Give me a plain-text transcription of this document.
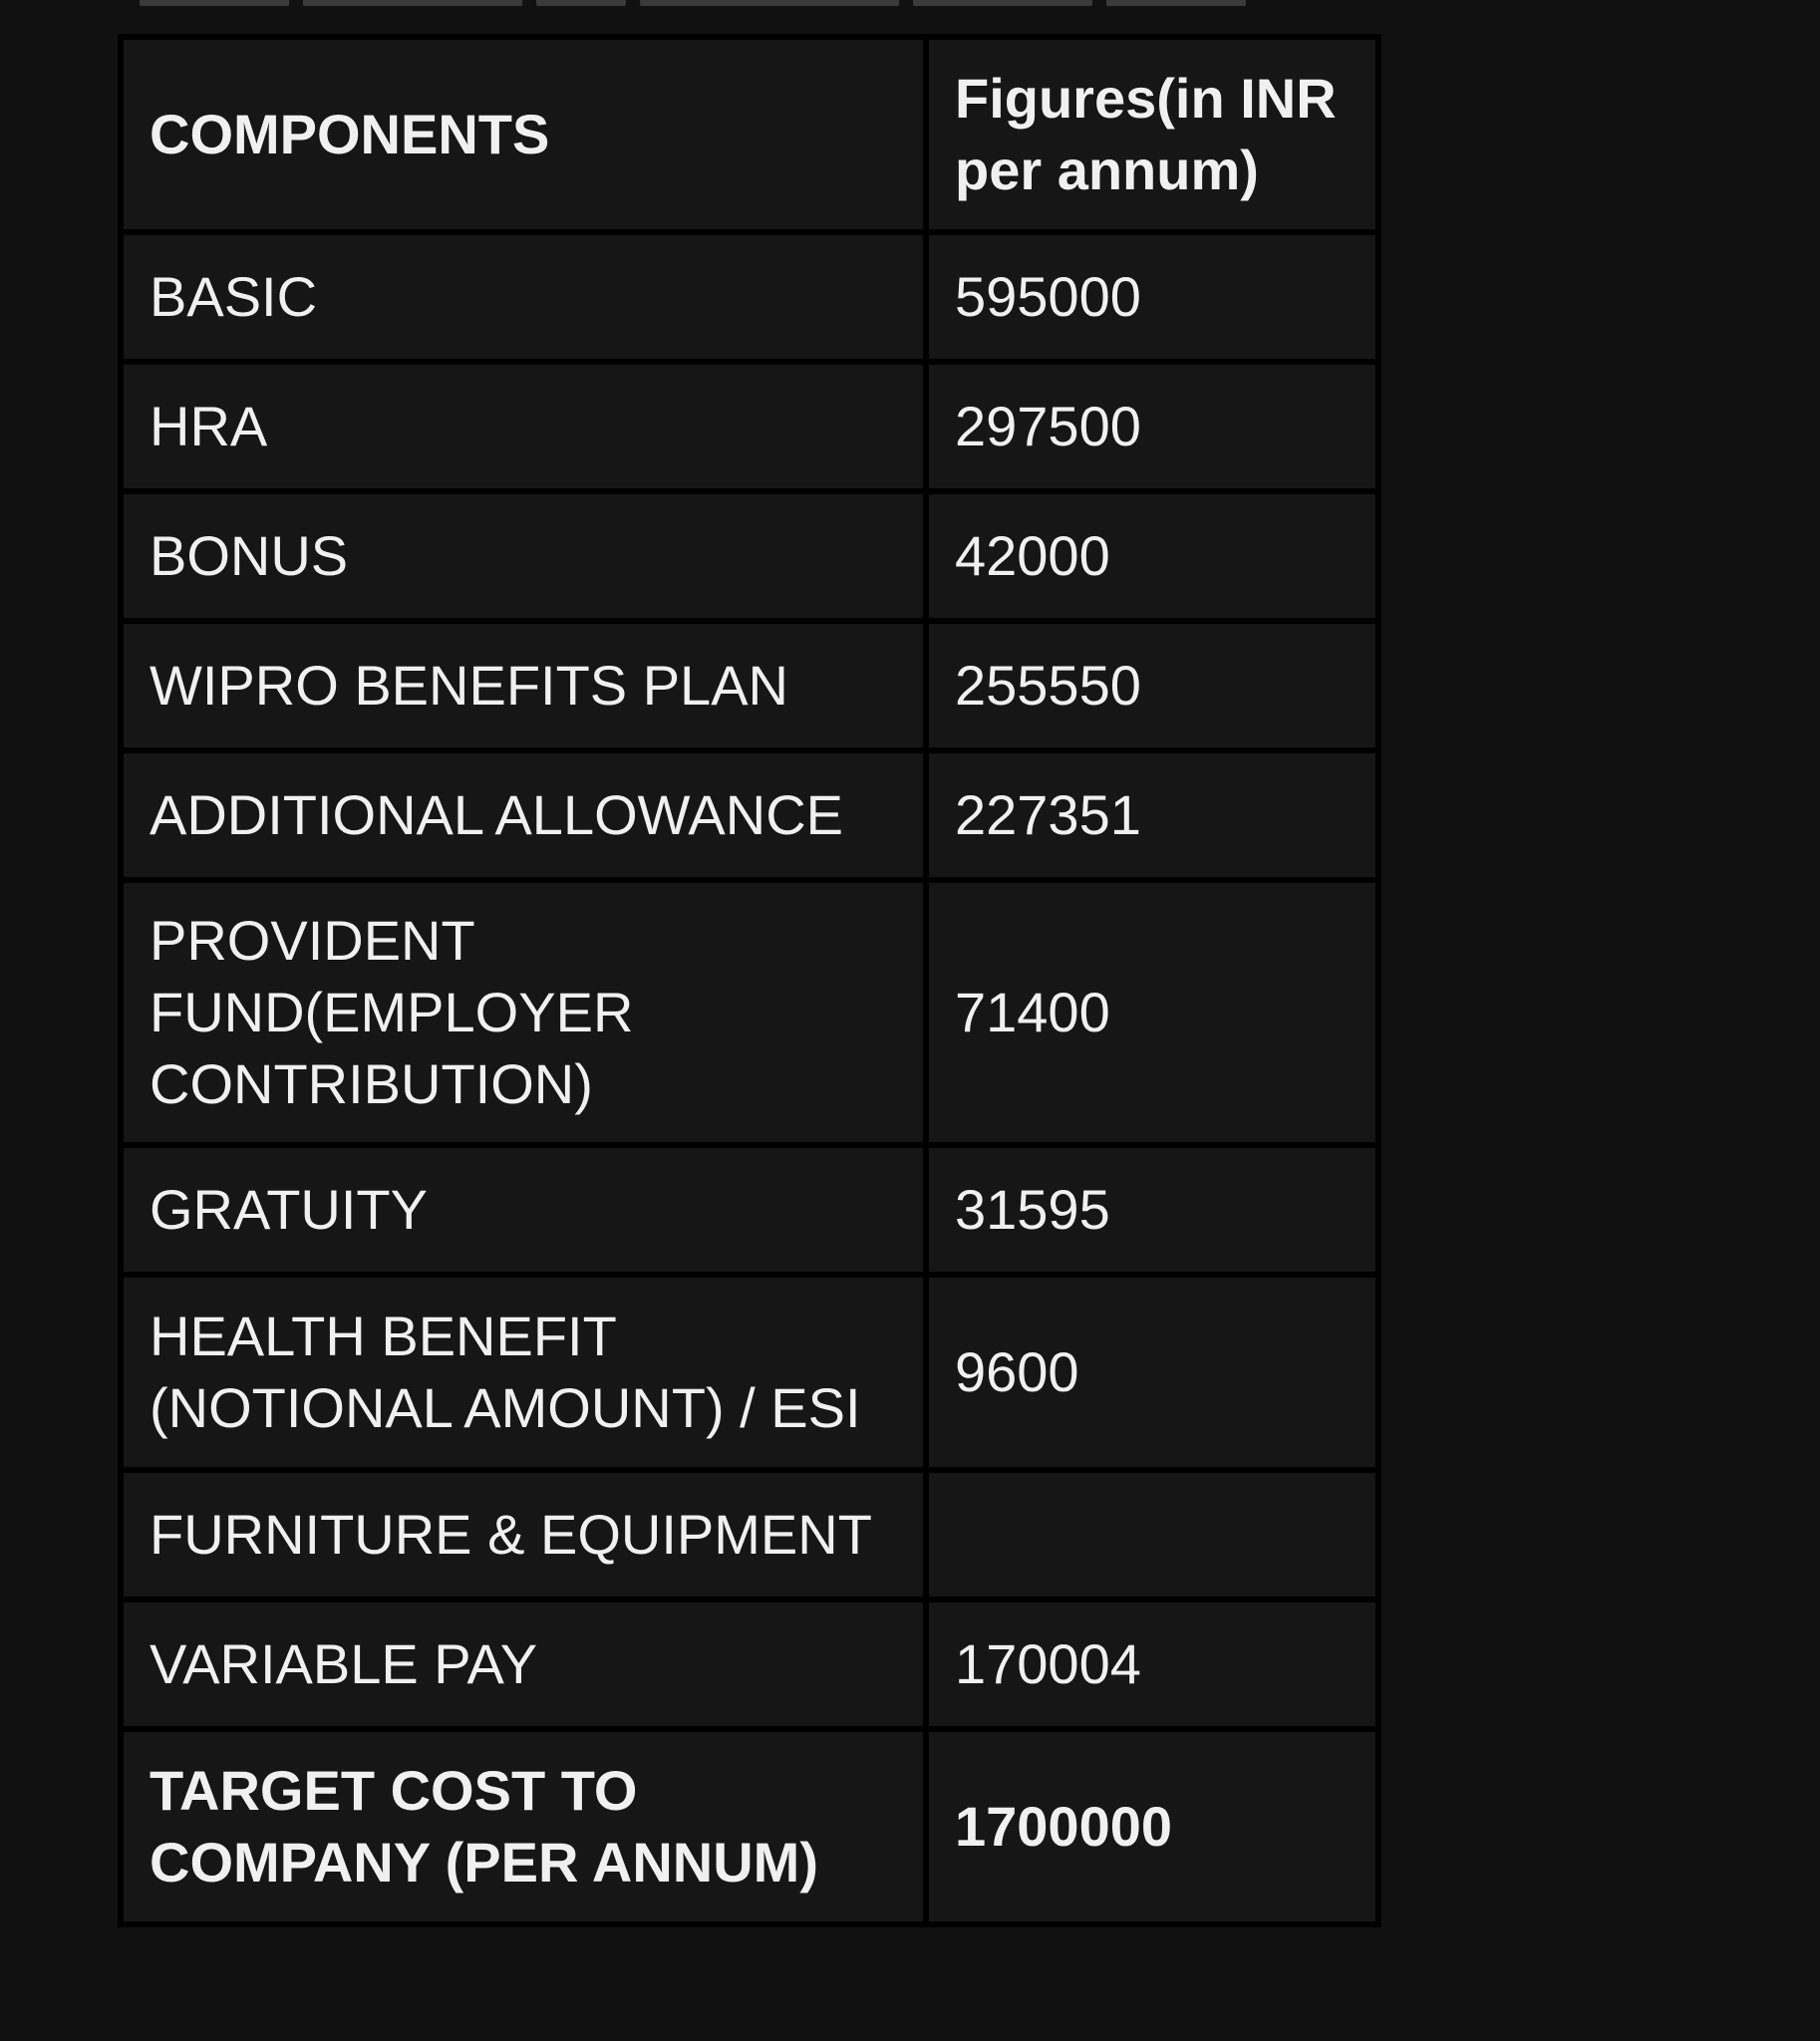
COMPONENTS	Figures(in INR
per annum)
BASIC	595000
HRA	297500
BONUS	42000
WIPRO BENEFITS PLAN	255550
ADDITIONAL ALLOWANCE	227351
PROVIDENT
FUND(EMPLOYER
CONTRIBUTION)	71400
GRATUITY	31595
HEALTH BENEFIT
(NOTIONAL AMOUNT) / ESI	9600
FURNITURE & EQUIPMENT	
VARIABLE PAY	170004
TARGET COST TO
COMPANY (PER ANNUM)	1700000
